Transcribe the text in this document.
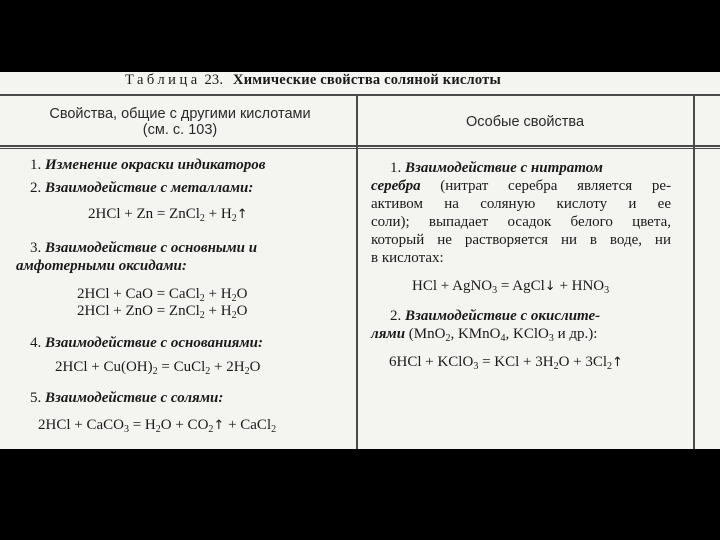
Таблица 23. Химические свойства соляной кислоты
Свойства, общие с другими кислотами
(см. с. 103)	Особые свойства
1. Изменение окраски индикаторов
2. Взаимодействие с металлами:
2HCl + Zn = ZnCl$_2$ + $H_2↑$
3. Взаимодействие с основными и
амфотерными оксидами:
2HCl + CaO = CaCl$_2$ + $H_2O$
2HCl + ZnO = ZnCl$_2$ + $H_2O$
4. Взаимодействие с основаниями:
$2HCl + Cu(OH)_2$ = CuCl$_2$ + $2H_2O$
5. Взаимодействие с солями:
2HCl + CaCO$_3$ = $H_2O$ + $CO_2↑$ + CaCl$_2$
1. Взаимодействие с нитратом
серебра (нитрат серебра является ре-
активом на соляную кислоту и ее
соли); выпадает осадок белого цвета,
который не растворяется ни в воде, ни
в кислотах:
HCl + AgNO$_3$ = AgCl↓ + $HNO_3$
2. Взаимодействие с окислите-
лями (MnO$_2$, KMnO$_4$, KClO$_3$ и др.):
6HCl + KClO$_3$ = KCl + $3H_2O$ + $3Cl_2↑$
